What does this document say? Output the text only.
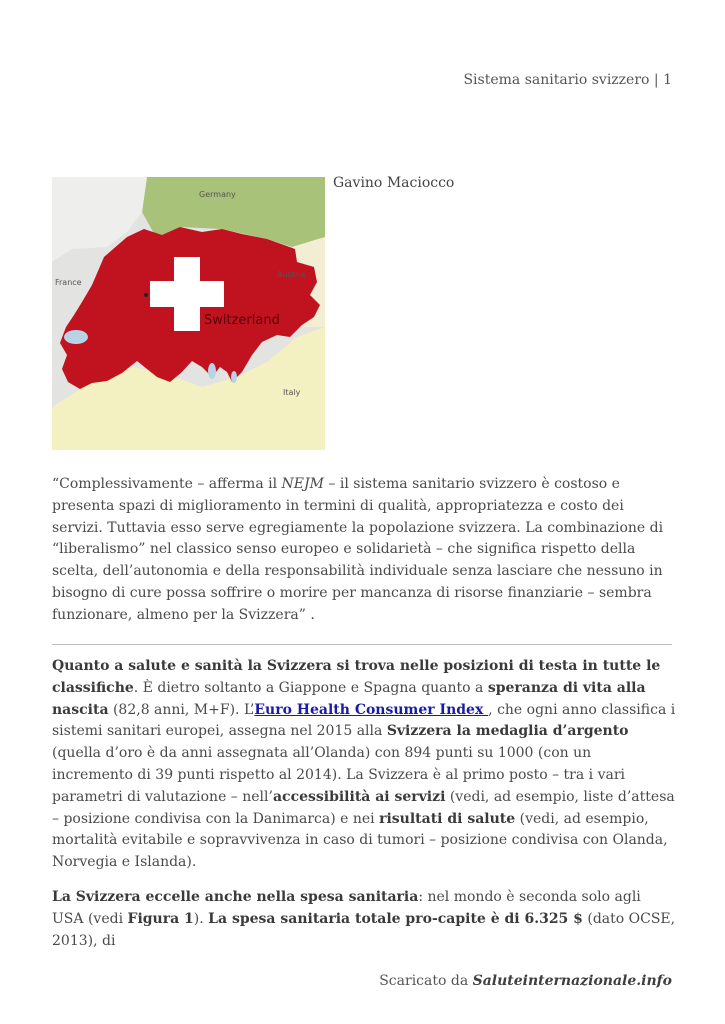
Sistema sanitario svizzero | 1
Germany
France
Austria
Italy
Switzerland
Gavino Maciocco
“Complessivamente – afferma il NEJM – il sistema sanitario svizzero è costoso e presenta spazi di miglioramento in termini di qualità, appropriatezza e costo dei servizi. Tuttavia esso serve egregiamente la popolazione svizzera. La combinazione di “liberalismo” nel classico senso europeo e solidarietà – che significa rispetto della scelta, dell’autonomia e della responsabilità individuale senza lasciare che nessuno in bisogno di cure possa soffrire o morire per mancanza di risorse finanziarie – sembra funzionare, almeno per la Svizzera” .

Quanto a salute e sanità la Svizzera si trova nelle posizioni di testa in tutte le classifiche. È dietro soltanto a Giappone e Spagna quanto a speranza di vita alla nascita (82,8 anni, M+F). L’Euro Health Consumer Index , che ogni anno classifica i sistemi sanitari europei, assegna nel 2015 alla Svizzera la medaglia d’argento (quella d’oro è da anni assegnata all’Olanda) con 894 punti su 1000 (con un incremento di 39 punti rispetto al 2014). La Svizzera è al primo posto – tra i vari parametri di valutazione – nell’accessibilità ai servizi (vedi, ad esempio, liste d’attesa – posizione condivisa con la Danimarca) e nei risultati di salute (vedi, ad esempio, mortalità evitabile e sopravvivenza in caso di tumori – posizione condivisa con Olanda, Norvegia e Islanda).

La Svizzera eccelle anche nella spesa sanitaria: nel mondo è seconda solo agli USA (vedi Figura 1). La spesa sanitaria totale pro-capite è di 6.325 $ (dato OCSE, 2013), di

Scaricato da Saluteinternazionale.info
